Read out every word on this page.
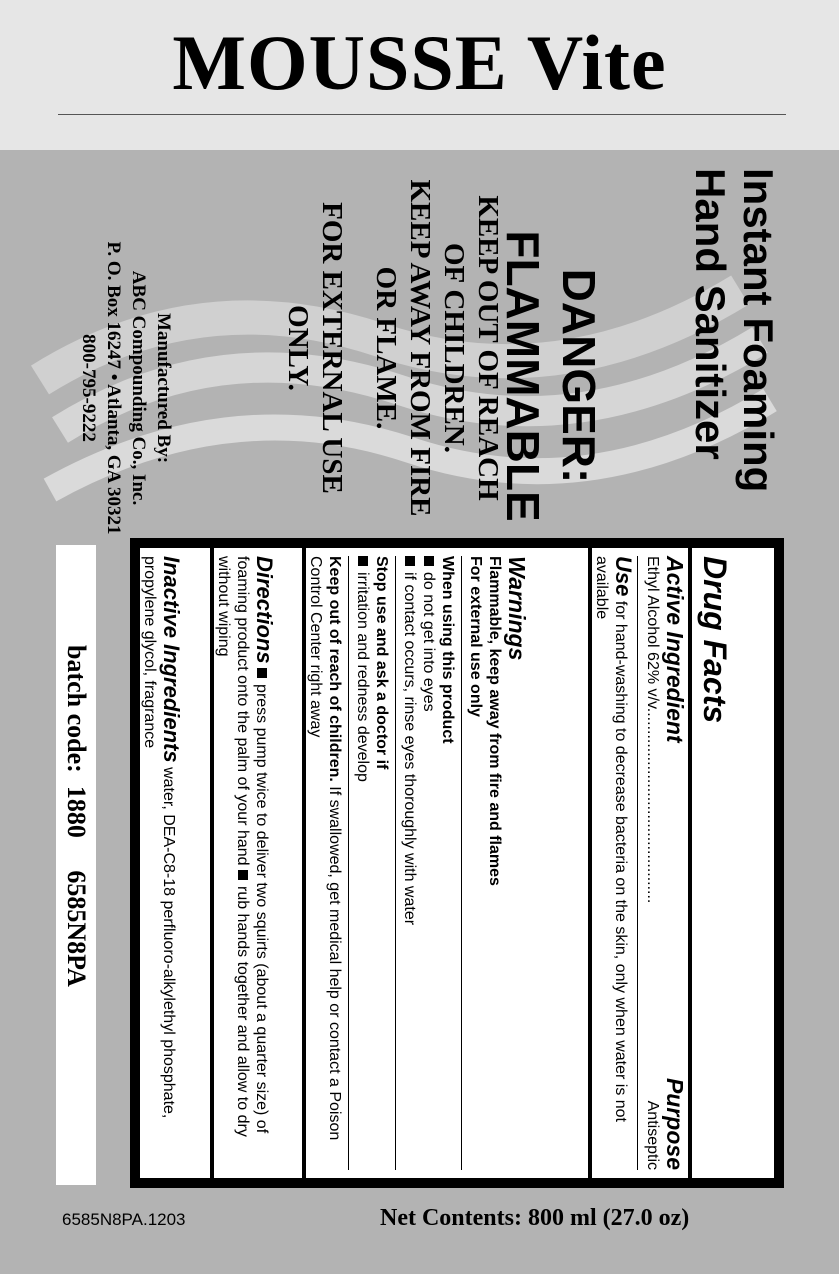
MOUSSE Vite
Instant Foaming
Hand Sanitizer
DANGER:
FLAMMABLE
KEEP OUT OF REACH
OF CHILDREN.
KEEP AWAY FROM FIRE
OR FLAME.
FOR EXTERNAL USE
ONLY.
Manufactured By:
ABC Compounding Co., Inc.
P. O. Box 16247 • Atlanta, GA 30321
800-795-9222
Drug Facts
Active Ingredient
Purpose
Ethyl Alcohol 62% v/v............................................
Antiseptic
Use for hand-washing to decrease bacteria on the skin, only when water is not available
Warnings
Flammable, keep away from fire and flames
For external use only
When using this product
do not get into eyes
if contact occurs, rinse eyes thoroughly with water
Stop use and ask a doctor if
irritation and redness develop
Keep out of reach of children. If swallowed, get medical help or contact a Poison Control Center right away
Directions press pump twice to deliver two squirts (about a quarter size) of foaming product onto the palm of your hand rub hands together and allow to dry without wiping
Inactive Ingredients water, DEA-C8-18 perfluoro-alkylethyl phosphate, propylene glycol, fragrance
batch code:  1880     6585N8PA
6585N8PA.1203	Net Contents: 800 ml (27.0 oz)
